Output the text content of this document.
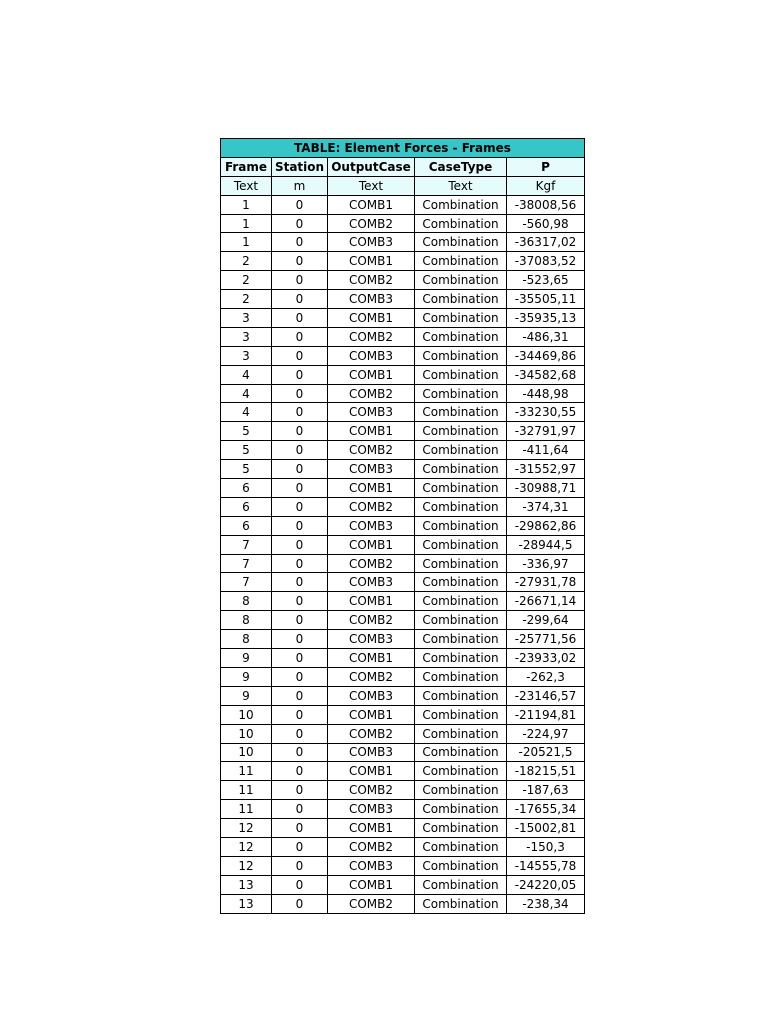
TABLE: Element Forces - Frames				
Frame	Station	OutputCase	CaseType	P
Text	m	Text	Text	Kgf
1	0	COMB1	Combination	-38008,56
1	0	COMB2	Combination	-560,98
1	0	COMB3	Combination	-36317,02
2	0	COMB1	Combination	-37083,52
2	0	COMB2	Combination	-523,65
2	0	COMB3	Combination	-35505,11
3	0	COMB1	Combination	-35935,13
3	0	COMB2	Combination	-486,31
3	0	COMB3	Combination	-34469,86
4	0	COMB1	Combination	-34582,68
4	0	COMB2	Combination	-448,98
4	0	COMB3	Combination	-33230,55
5	0	COMB1	Combination	-32791,97
5	0	COMB2	Combination	-411,64
5	0	COMB3	Combination	-31552,97
6	0	COMB1	Combination	-30988,71
6	0	COMB2	Combination	-374,31
6	0	COMB3	Combination	-29862,86
7	0	COMB1	Combination	-28944,5
7	0	COMB2	Combination	-336,97
7	0	COMB3	Combination	-27931,78
8	0	COMB1	Combination	-26671,14
8	0	COMB2	Combination	-299,64
8	0	COMB3	Combination	-25771,56
9	0	COMB1	Combination	-23933,02
9	0	COMB2	Combination	-262,3
9	0	COMB3	Combination	-23146,57
10	0	COMB1	Combination	-21194,81
10	0	COMB2	Combination	-224,97
10	0	COMB3	Combination	-20521,5
11	0	COMB1	Combination	-18215,51
11	0	COMB2	Combination	-187,63
11	0	COMB3	Combination	-17655,34
12	0	COMB1	Combination	-15002,81
12	0	COMB2	Combination	-150,3
12	0	COMB3	Combination	-14555,78
13	0	COMB1	Combination	-24220,05
13	0	COMB2	Combination	-238,34
